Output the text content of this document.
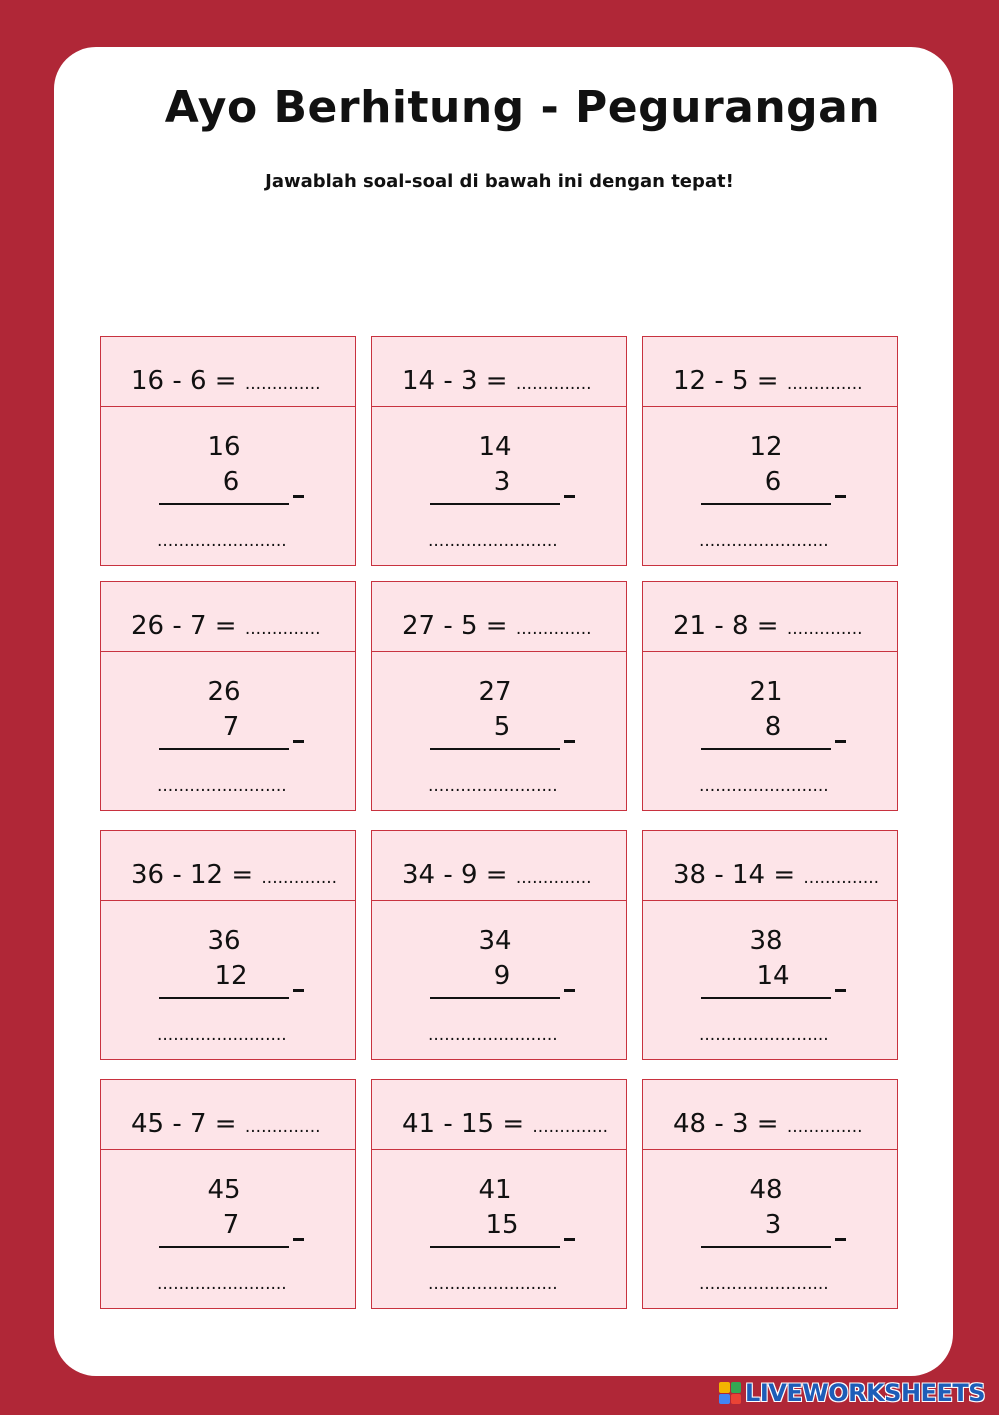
Ayo Berhitung - Pegurangan
Jawablah soal-soal di bawah ini dengan tepat!
16 - 6 = ..............
16
6
........................
14 - 3 = ..............
14
3
........................
12 - 5 = ..............
12
6
........................
26 - 7 = ..............
26
7
........................
27 - 5 = ..............
27
5
........................
21 - 8 = ..............
21
8
........................
36 - 12 = ..............
36
12
........................
34 - 9 = ..............
34
9
........................
38 - 14 = ..............
38
14
........................
45 - 7 = ..............
45
7
........................
41 - 15 = ..............
41
15
........................
48 - 3 = ..............
48
3
........................
LIVEWORKSHEETS
